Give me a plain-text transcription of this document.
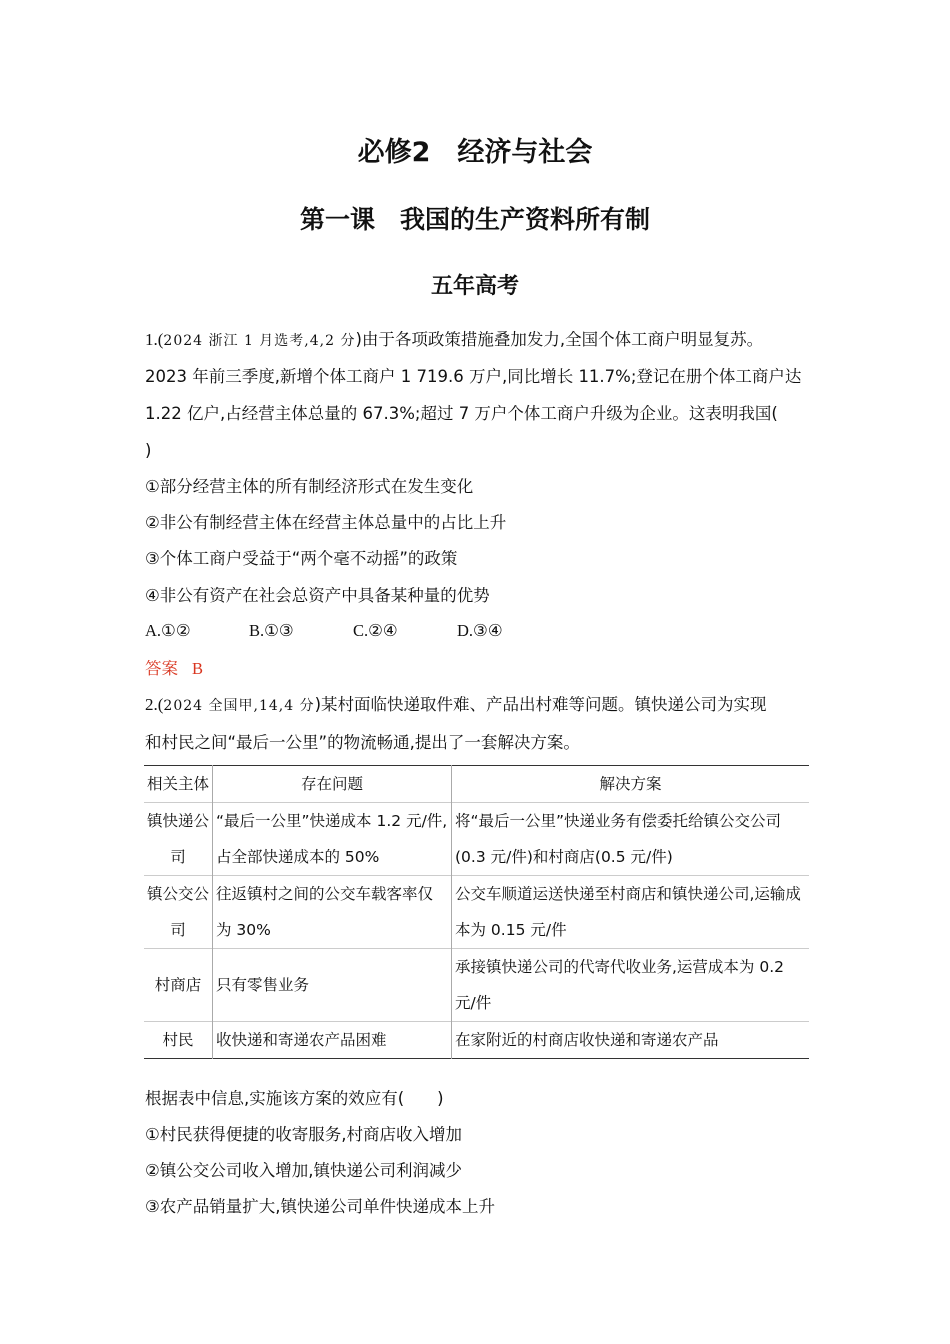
必修2　经济与社会
第一课　我国的生产资料所有制
五年高考
1.(2024 浙江 1 月选考,4,2 分)由于各项政策措施叠加发力,全国个体工商户明显复苏。
2023 年前三季度,新增个体工商户 1 719.6 万户,同比增长 11.7%;登记在册个体工商户达
1.22 亿户,占经营主体总量的 67.3%;超过 7 万户个体工商户升级为企业。这表明我国(
)
①部分经营主体的所有制经济形式在发生变化
②非公有制经营主体在经营主体总量中的占比上升
③个体工商户受益于“两个毫不动摇”的政策
④非公有资产在社会总资产中具备某种量的优势
A.①②	B.①③	C.②④	D.③④
答案 B
2.(2024 全国甲,14,4 分)某村面临快递取件难、产品出村难等问题。镇快递公司为实现
和村民之间“最后一公里”的物流畅通,提出了一套解决方案。
相关主体	存在问题	解决方案
镇快递公司	“最后一公里”快递成本 1.2 元/件,占全部快递成本的 50%	将“最后一公里”快递业务有偿委托给镇公交公司(0.3 元/件)和村商店(0.5 元/件)
镇公交公司	往返镇村之间的公交车载客率仅为 30%	公交车顺道运送快递至村商店和镇快递公司,运输成本为 0.15 元/件
村商店	只有零售业务	承接镇快递公司的代寄代收业务,运营成本为 0.2 元/件
村民	收快递和寄递农产品困难	在家附近的村商店收快递和寄递农产品
根据表中信息,实施该方案的效应有(　　)
①村民获得便捷的收寄服务,村商店收入增加
②镇公交公司收入增加,镇快递公司利润减少
③农产品销量扩大,镇快递公司单件快递成本上升
